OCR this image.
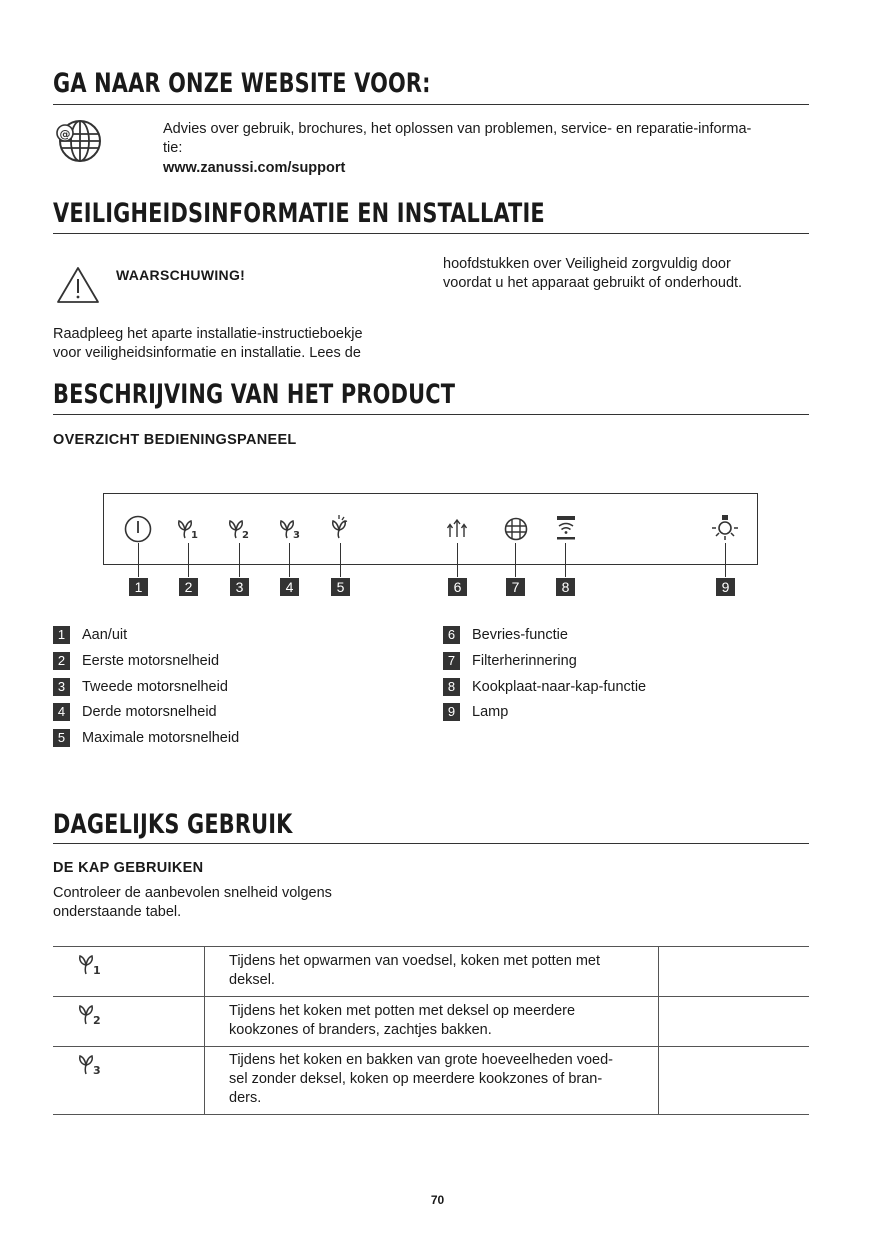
GA NAAR ONZE WEBSITE VOOR:
@	Advies over gebruik, brochures, het oplossen van problemen, service- en reparatie-informa-
tie:
www.zanussi.com/support
VEILIGHEIDSINFORMATIE EN INSTALLATIE
WAARSCHUWING!
hoofdstukken over Veiligheid zorgvuldig door
voordat u het apparaat gebruikt of onderhoudt.
Raadpleeg het aparte installatie-instructieboekje
voor veiligheidsinformatie en installatie. Lees de
BESCHRIJVING VAN HET PRODUCT
OVERZICHT BEDIENINGSPANEEL
1	2	3
1	2	3	4	5	6	7	8	9
1	Aan/uit
2	Eerste motorsnelheid
3	Tweede motorsnelheid
4	Derde motorsnelheid
5	Maximale motorsnelheid
6	Bevries-functie
7	Filterherinnering
8	Kookplaat-naar-kap-functie
9	Lamp
DAGELIJKS GEBRUIK
DE KAP GEBRUIKEN
Controleer de aanbevolen snelheid volgens
onderstaande tabel.
1
Tijdens het opwarmen van voedsel, koken met potten met
deksel.
2
Tijdens het koken met potten met deksel op meerdere
kookzones of branders, zachtjes bakken.
3
Tijdens het koken en bakken van grote hoeveelheden voed-
sel zonder deksel, koken op meerdere kookzones of bran-
ders.
70
